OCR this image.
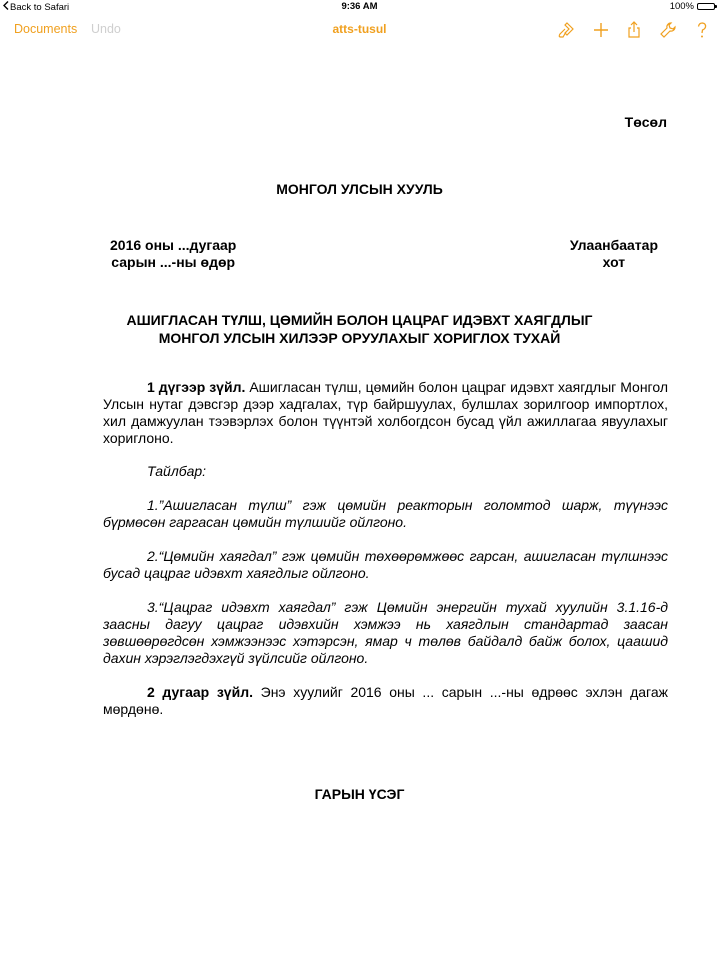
Back to Safari	9:36 AM	100%
Documents Undo	atts-tusul
Төсөл
МОНГОЛ УЛСЫН ХУУЛЬ
2016 оны ...дугаар
сарын ...-ны өдөр
Улаанбаатар
хот
АШИГЛАСАН ТҮЛШ, ЦӨМИЙН БОЛОН ЦАЦРАГ ИДЭВХТ ХАЯГДЛЫГ
МОНГОЛ УЛСЫН ХИЛЭЭР ОРУУЛАХЫГ ХОРИГЛОХ ТУХАЙ
1 дүгээр зүйл. Ашигласан түлш, цөмийн болон цацраг идэвхт хаягдлыг Монгол Улсын нутаг дэвсгэр дээр хадгалах, түр байршуулах, булшлах зорилгоор импортлох, хил дамжуулан тээвэрлэх болон түүнтэй холбогдсон бусад үйл ажиллагаа явуулахыг хориглоно.
Тайлбар:
1.”Ашигласан түлш” гэж цөмийн реакторын голомтод шарж, түүнээс бүрмөсөн гаргасан цөмийн түлшийг ойлгоно.
2.“Цөмийн хаягдал” гэж цөмийн төхөөрөмжөөс гарсан, ашигласан түлшнээс бусад цацраг идэвхт хаягдлыг ойлгоно.
3.“Цацраг идэвхт хаягдал” гэж Цөмийн энергийн тухай хуулийн 3.1.16-д заасны дагуу цацраг идэвхийн хэмжээ нь хаягдлын стандартад заасан зөвшөөрөгдсөн хэмжээнээс хэтэрсэн, ямар ч төлөв байдалд байж болох, цаашид дахин хэрэглэгдэхгүй зүйлсийг ойлгоно.
2 дугаар зүйл. Энэ хуулийг 2016 оны ... сарын ...-ны өдрөөс эхлэн дагаж мөрдөнө.
ГАРЫН ҮСЭГ
